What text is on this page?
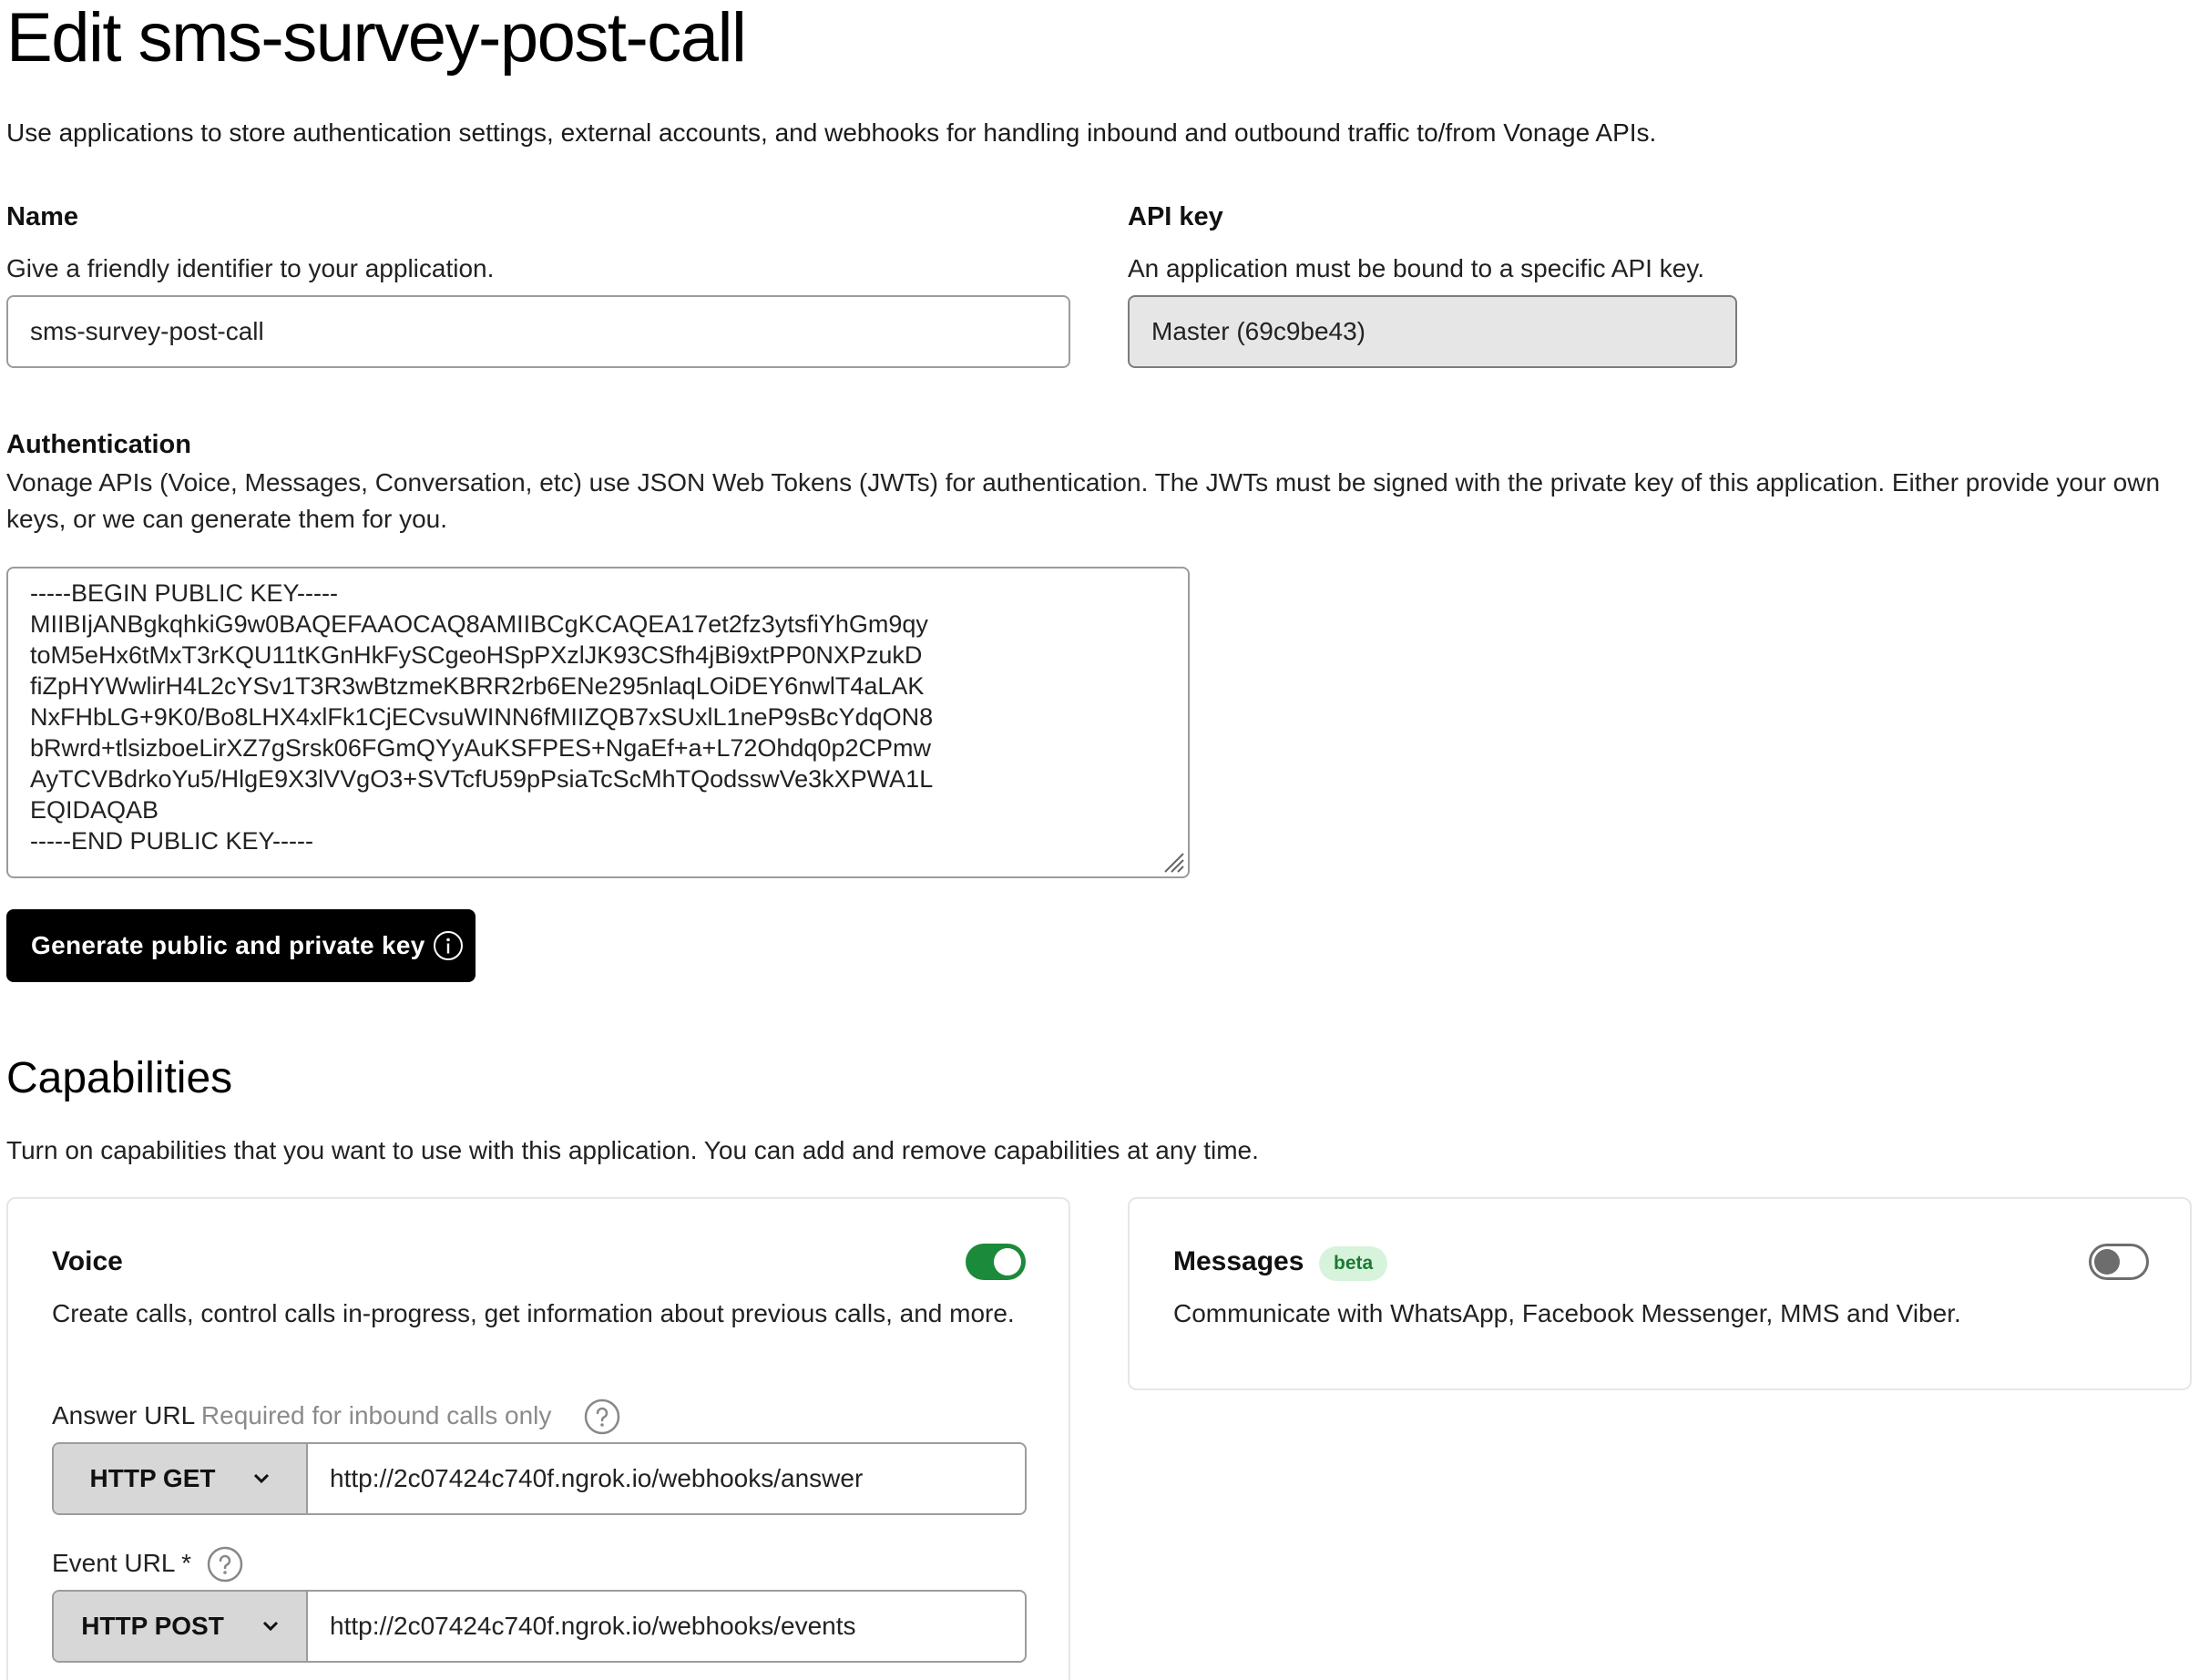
Edit sms-survey-post-call

Use applications to store authentication settings, external accounts, and webhooks for handling inbound and outbound traffic to/from Vonage APIs.

Name
Give a friendly identifier to your application.
sms-survey-post-call
API key
An application must be bound to a specific API key.
Master (69c9be43)
Authentication

Vonage APIs (Voice, Messages, Conversation, etc) use JSON Web Tokens (JWTs) for authentication. The JWTs must be signed with the private key of this application. Either provide your own keys, or we can generate them for you.

-----BEGIN PUBLIC KEY-----
MIIBIjANBgkqhkiG9w0BAQEFAAOCAQ8AMIIBCgKCAQEA17et2fz3ytsfiYhGm9qy
toM5eHx6tMxT3rKQU11tKGnHkFySCgeoHSpPXzlJK93CSfh4jBi9xtPP0NXPzukD
fiZpHYWwlirH4L2cYSv1T3R3wBtzmeKBRR2rb6ENe295nlaqLOiDEY6nwlT4aLAK
NxFHbLG+9K0/Bo8LHX4xlFk1CjECvsuWINN6fMIIZQB7xSUxlL1neP9sBcYdqON8
bRwrd+tlsizboeLirXZ7gSrsk06FGmQYyAuKSFPES+NgaEf+a+L72Ohdq0p2CPmw
AyTCVBdrkoYu5/HlgE9X3lVVgO3+SVTcfU59pPsiaTcScMhTQodsswVe3kXPWA1L
EQIDAQAB
-----END PUBLIC KEY-----
Generate public and private key
Capabilities

Turn on capabilities that you want to use with this application. You can add and remove capabilities at any time.

Voice

Create calls, control calls in-progress, get information about previous calls, and more.

Answer URL Required for inbound calls only
HTTP GET	http://2c07424c740f.ngrok.io/webhooks/answer
Event URL *
HTTP POST	http://2c07424c740f.ngrok.io/webhooks/events
Messages	beta

Communicate with WhatsApp, Facebook Messenger, MMS and Viber.
